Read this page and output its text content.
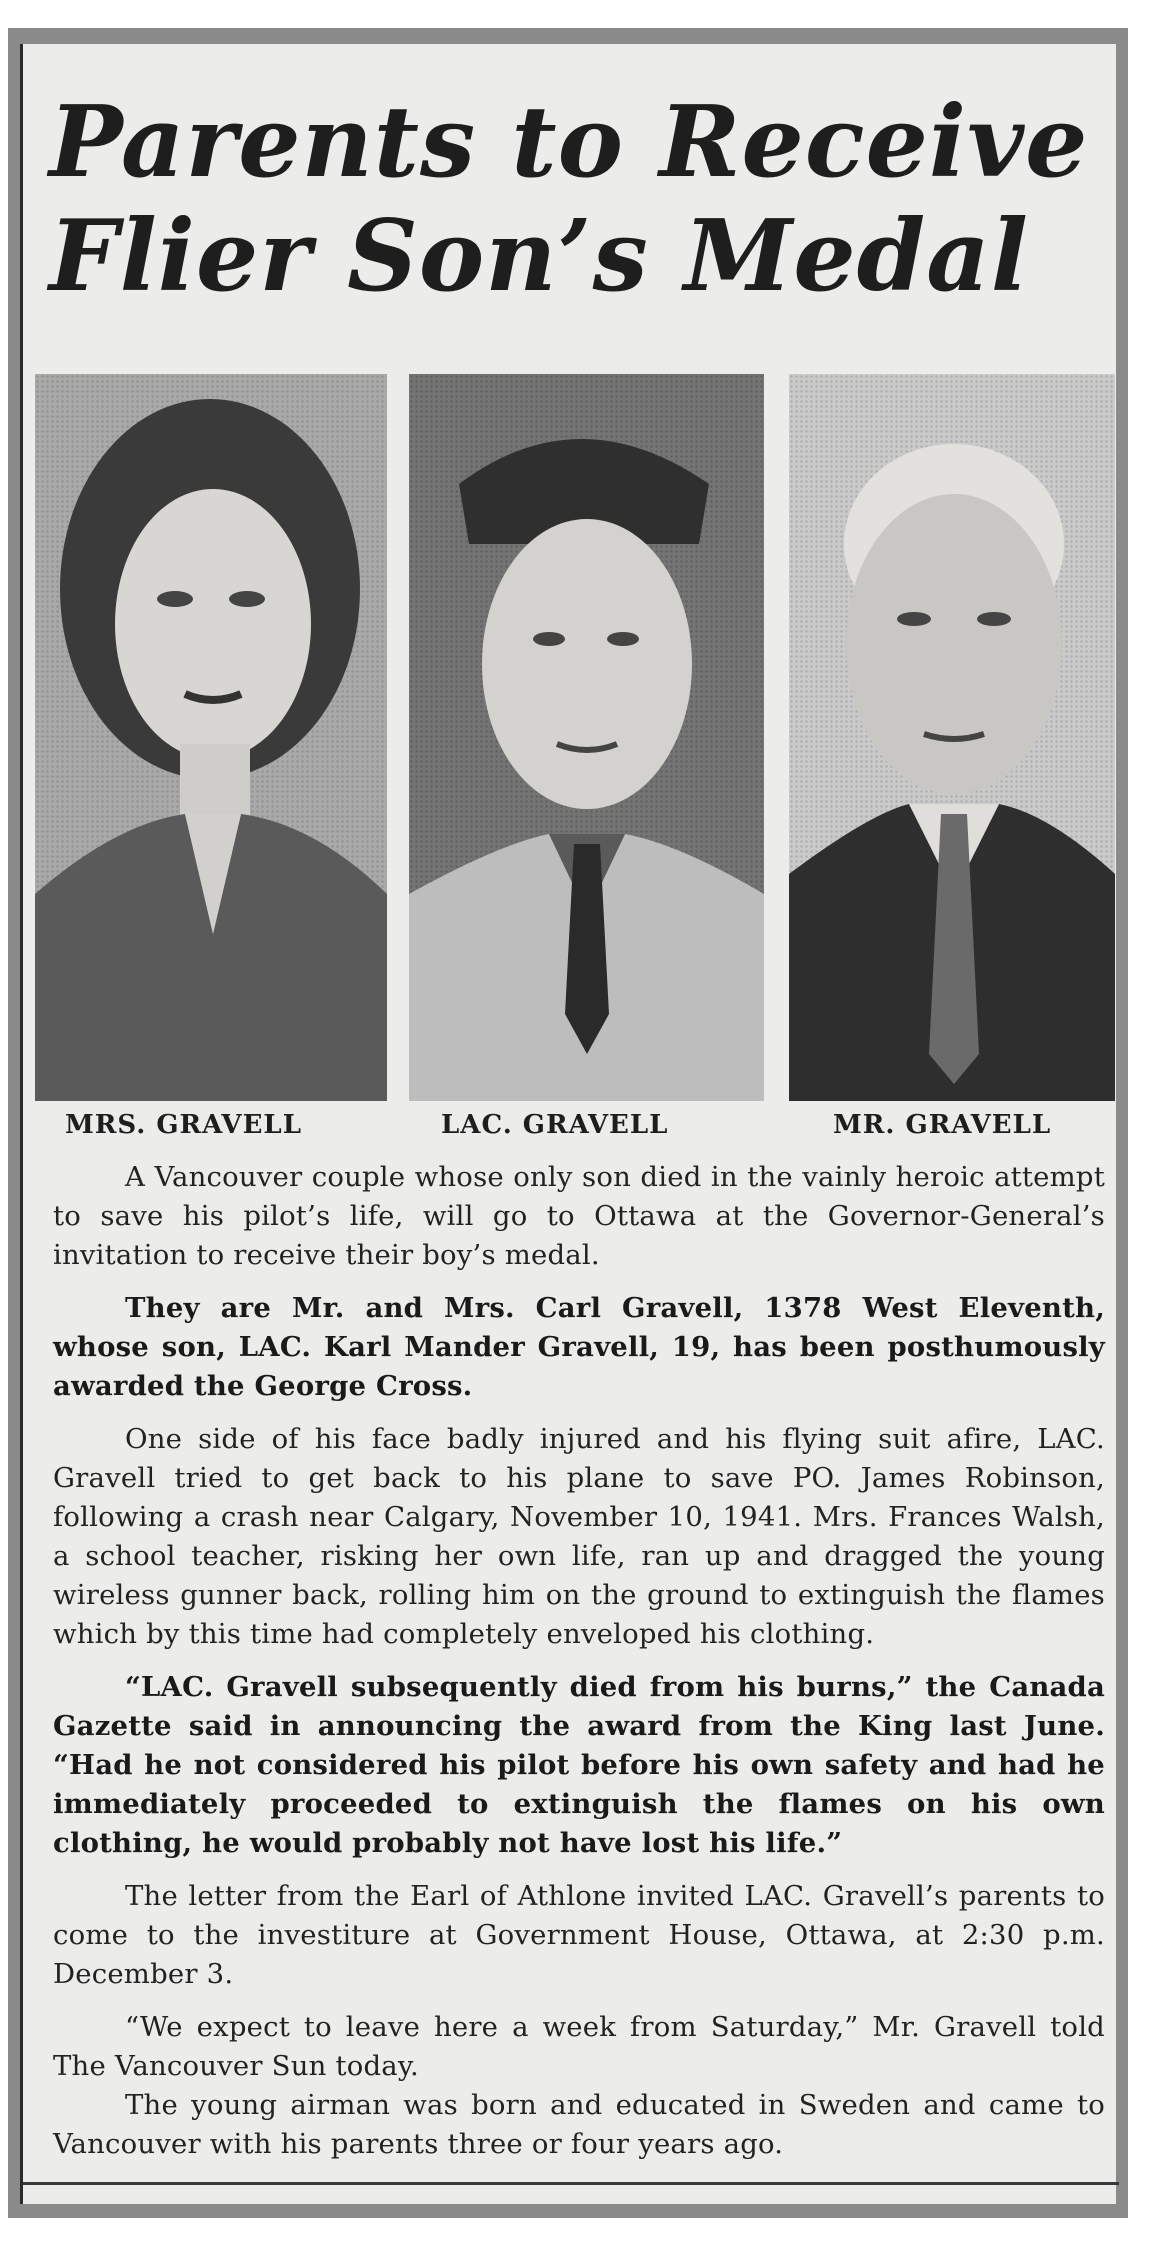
Parents to Receive
Flier Son’s Medal
MRS. GRAVELL	LAC. GRAVELL	MR. GRAVELL

A Vancouver couple whose only son died in the vainly heroic attempt to save his pilot’s life, will go to Ottawa at the Governor-General’s invitation to receive their boy’s medal.

They are Mr. and Mrs. Carl Gravell, 1378 West Eleventh, whose son, LAC. Karl Mander Gravell, 19, has been posthumously awarded the George Cross.

One side of his face badly injured and his flying suit afire, LAC. Gravell tried to get back to his plane to save PO. James Robinson, following a crash near Calgary, November 10, 1941. Mrs. Frances Walsh, a school teacher, risking her own life, ran up and dragged the young wireless gunner back, rolling him on the ground to extinguish the flames which by this time had completely enveloped his clothing.

“LAC. Gravell subsequently died from his burns,” the Canada Gazette said in announcing the award from the King last June. “Had he not considered his pilot before his own safety and had he immediately proceeded to extinguish the flames on his own clothing, he would probably not have lost his life.”

The letter from the Earl of Athlone invited LAC. Gravell’s parents to come to the investiture at Government House, Ottawa, at 2:30 p.m. December 3.

“We expect to leave here a week from Saturday,” Mr. Gravell told The Vancouver Sun today.

The young airman was born and educated in Sweden and came to Vancouver with his parents three or four years ago.
